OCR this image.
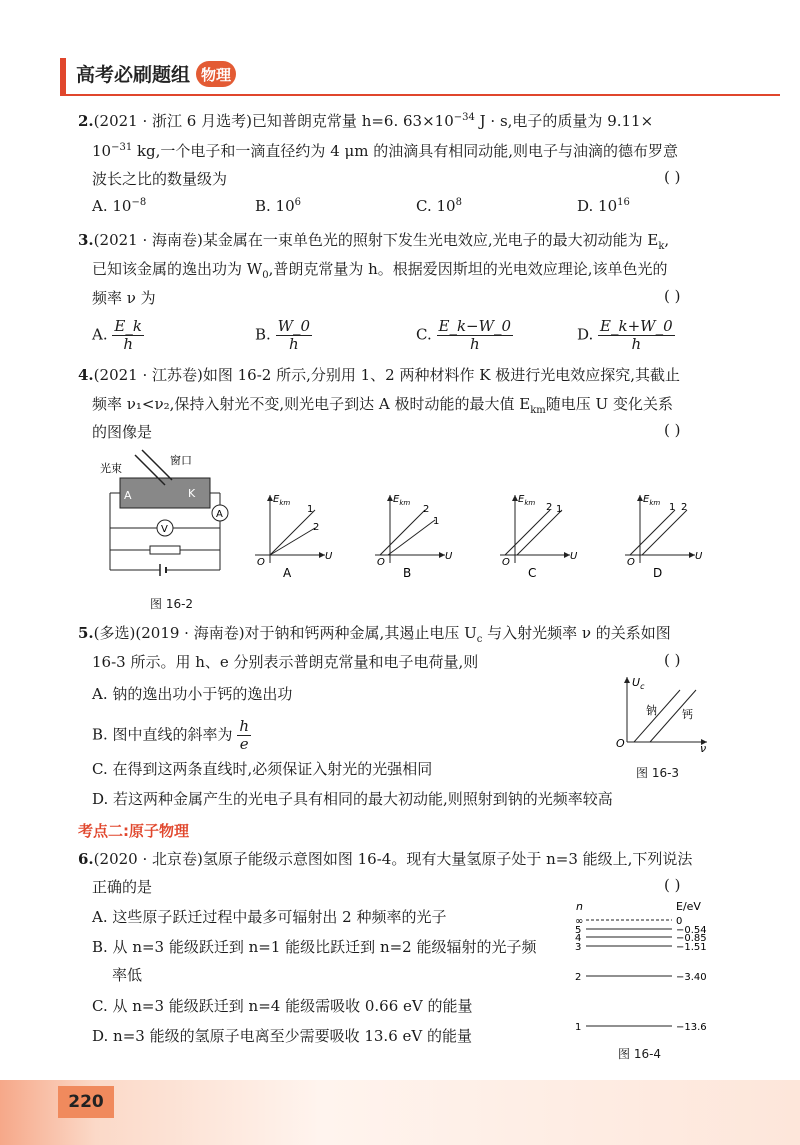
高考必刷题组 物理
2.(2021 · 浙江 6 月选考)已知普朗克常量 h=6. $63\times 10^{-34}$ J · s,电子的质量为 9.11×
$10^{-31}$ kg,一个电子和一滴直径约为 4 μm 的油滴具有相同动能,则电子与油滴的德布罗意
波长之比的数量级为	( )
A. $10^{-8}$	B. $10^6$	C. $10^8$	D. $10^{16}$
3.(2021 · 海南卷)某金属在一束单色光的照射下发生光电效应,光电子的最大初动能为 $E_k$,
已知该金属的逸出功为 $W_0$,普朗克常量为 h。根据爱因斯坦的光电效应理论,该单色光的
频率 ν 为	( )
A. $\frac{E\_k}{h}$	B. $\frac{W\_0}{h}$	C. $\frac{E\_k-W\_0}{h}$	D. $\frac{E\_k+W\_0}{h}$
4.(2021 · 江苏卷)如图 16-2 所示,分别用 1、2 两种材料作 K 极进行光电效应探究,其截止
频率 ν₁<ν₂,保持入射光不变,则光电子到达 A 极时动能的最大值 $E_{km}$随电压 U 变化关系
的图像是	( )
光束
窗口
A	K
A
V
图 16-2
$E_{km}$
U
O
1
2
A
$E_{km}$
U
O
2
1
B
$E_{km}$
U
O
2 1
C
$E_{km}$
U
O
1 2
D
5.(多选)(2019 · 海南卷)对于钠和钙两种金属,其遏止电压 $U_c$ 与入射光频率 ν 的关系如图
16-3 所示。用 h、e 分别表示普朗克常量和电子电荷量,则	( )
A. 钠的逸出功小于钙的逸出功
B. 图中直线的斜率为 $\frac{h}{e}$
C. 在得到这两条直线时,必须保证入射光的光强相同
D. 若这两种金属产生的光电子具有相同的最大初动能,则照射到钠的光频率较高
$U_c$
ν
O
钠 钙
图 16-3
考点二:原子物理
6.(2020 · 北京卷)氢原子能级示意图如图 16-4。现有大量氢原子处于 n=3 能级上,下列说法
正确的是	( )
A. 这些原子跃迁过程中最多可辐射出 2 种频率的光子
B. 从 n=3 能级跃迁到 n=1 能级比跃迁到 n=2 能级辐射的光子频
率低
C. 从 n=3 能级跃迁到 n=4 能级需吸收 0.66 eV 的能量
D. n=3 能级的氢原子电离至少需要吸收 13.6 eV 的能量
n	E/eV
∞	0
5	−0.54
4	−0.85
3	−1.51
2	−3.40
1	−13.6
图 16-4
220
